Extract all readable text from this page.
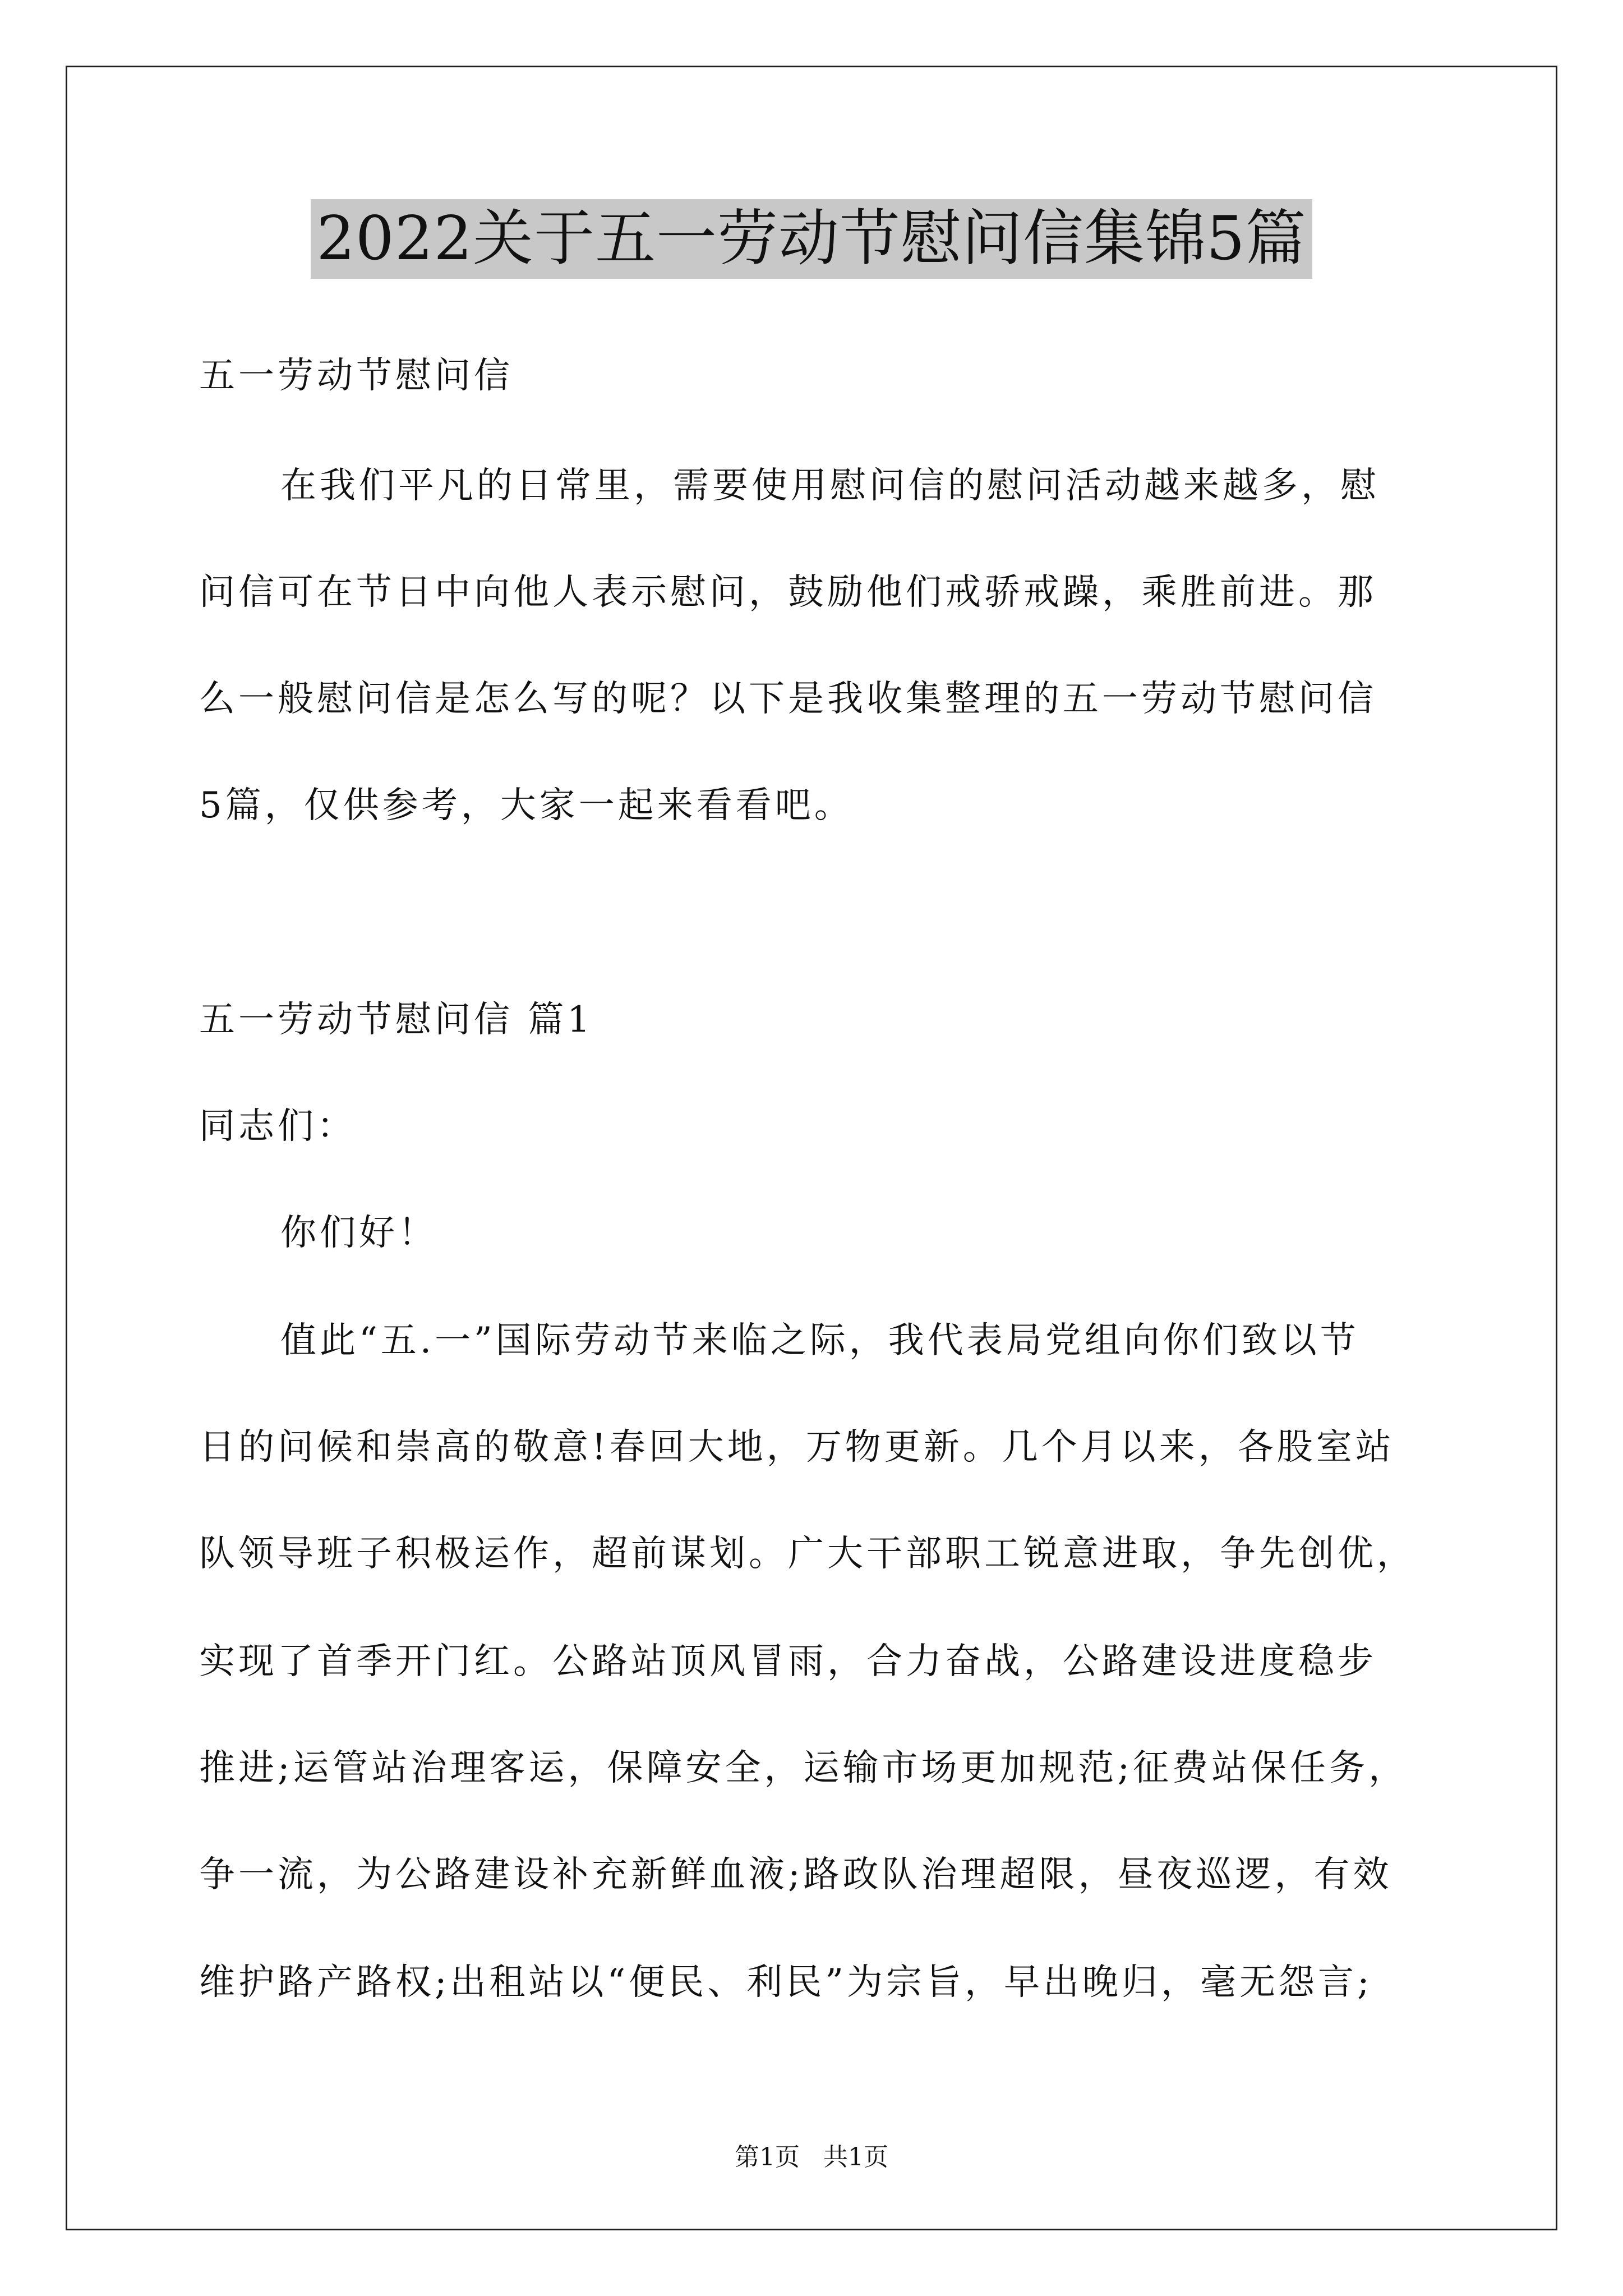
2022关于五一劳动节慰问信集锦5篇
五一劳动节慰问信
在我们平凡的日常里，需要使用慰问信的慰问活动越来越多，慰
问信可在节日中向他人表示慰问，鼓励他们戒骄戒躁，乘胜前进。那
么一般慰问信是怎么写的呢？以下是我收集整理的五一劳动节慰问信
5篇，仅供参考，大家一起来看看吧。
五一劳动节慰问信 篇1
同志们：
你们好！
值此“五.一”国际劳动节来临之际，我代表局党组向你们致以节
日的问候和崇高的敬意!春回大地，万物更新。几个月以来，各股室站
队领导班子积极运作，超前谋划。广大干部职工锐意进取，争先创优，
实现了首季开门红。公路站顶风冒雨，合力奋战，公路建设进度稳步
推进;运管站治理客运，保障安全，运输市场更加规范;征费站保任务，
争一流，为公路建设补充新鲜血液;路政队治理超限，昼夜巡逻，有效
维护路产路权;出租站以“便民、利民”为宗旨，早出晚归，毫无怨言;
第1页   共1页
